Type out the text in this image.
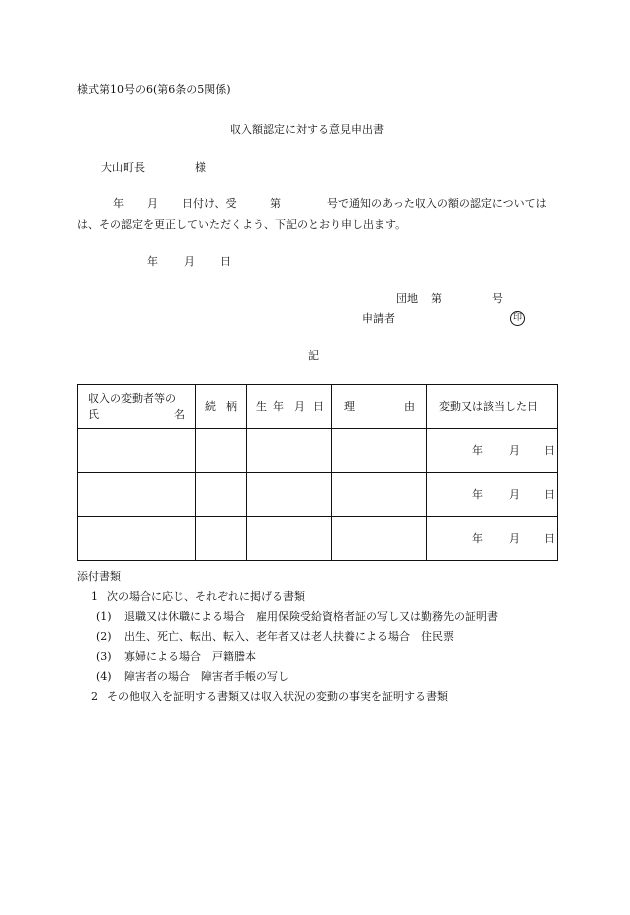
様式第10号の6(第6条の5関係)
収入額認定に対する意見申出書
大山町長	様
年 月 日付け、受	第	号で通知のあった収入の額の認定については
は、その認定を更正していただくよう、下記のとおり申し出ます。
年 月 日
団地 第	号
申請者	印
記
収入の変動者等の
氏 名	続 柄	生 年 月 日	理 由	変動又は該当した日

				年 月 日

				年 月 日

				年 月 日
添付書類
1 次の場合に応じ、それぞれに掲げる書類
(1) 退職又は休職による場合　雇用保険受給資格者証の写し又は勤務先の証明書
(2) 出生、死亡、転出、転入、老年者又は老人扶養による場合　住民票
(3) 寡婦による場合　戸籍謄本
(4) 障害者の場合　障害者手帳の写し
2 その他収入を証明する書類又は収入状況の変動の事実を証明する書類
